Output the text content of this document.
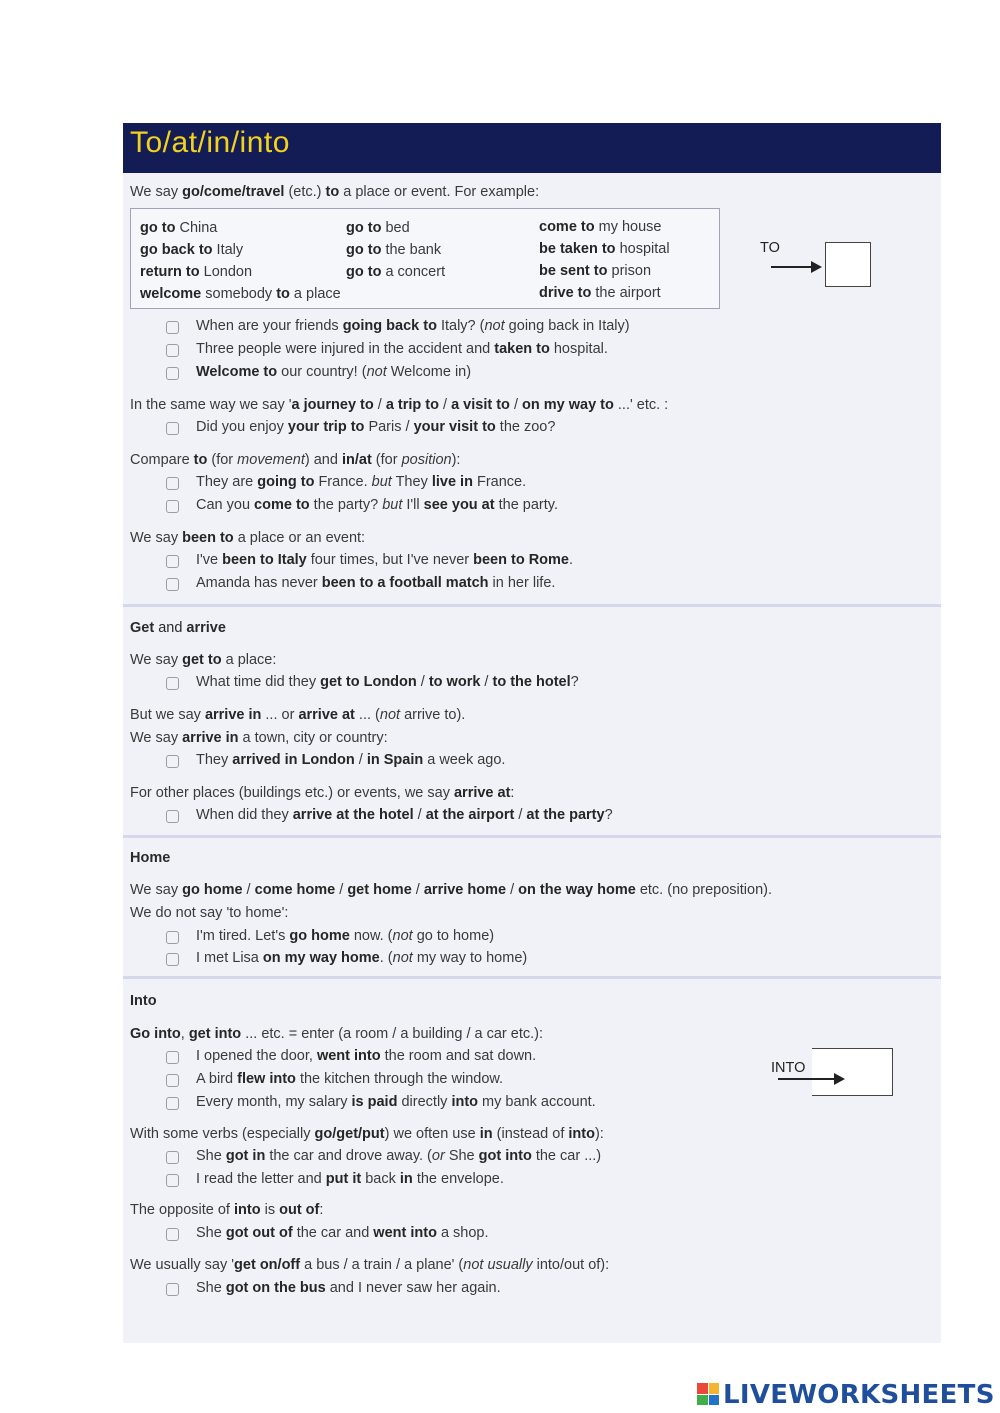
To/at/in/into
We say go/come/travel (etc.) to a place or event. For example:
go to China
go back to Italy
return to London
welcome somebody to a place
go to bed
go to the bank
go to a concert
come to my house
be taken to hospital
be sent to prison
drive to the airport
TO
When are your friends going back to Italy? (not going back in Italy)
Three people were injured in the accident and taken to hospital.
Welcome to our country! (not Welcome in)
In the same way we say 'a journey to / a trip to / a visit to / on my way to ...' etc. :
Did you enjoy your trip to Paris / your visit to the zoo?
Compare to (for movement) and in/at (for position):
They are going to France. but They live in France.
Can you come to the party? but I'll see you at the party.
We say been to a place or an event:
I've been to Italy four times, but I've never been to Rome.
Amanda has never been to a football match in her life.
Get and arrive
We say get to a place:
What time did they get to London / to work / to the hotel?
But we say arrive in ... or arrive at ... (not arrive to).
We say arrive in a town, city or country:
They arrived in London / in Spain a week ago.
For other places (buildings etc.) or events, we say arrive at:
When did they arrive at the hotel / at the airport / at the party?
Home
We say go home / come home / get home / arrive home / on the way home etc. (no preposition).
We do not say 'to home':
I'm tired. Let's go home now. (not go to home)
I met Lisa on my way home. (not my way to home)
Into
Go into, get into ... etc. = enter (a room / a building / a car etc.):
I opened the door, went into the room and sat down.
A bird flew into the kitchen through the window.
Every month, my salary is paid directly into my bank account.
INTO
With some verbs (especially go/get/put) we often use in (instead of into):
She got in the car and drove away. (or She got into the car ...)
I read the letter and put it back in the envelope.
The opposite of into is out of:
She got out of the car and went into a shop.
We usually say 'get on/off a bus / a train / a plane' (not usually into/out of):
She got on the bus and I never saw her again.
LIVEWORKSHEETS
